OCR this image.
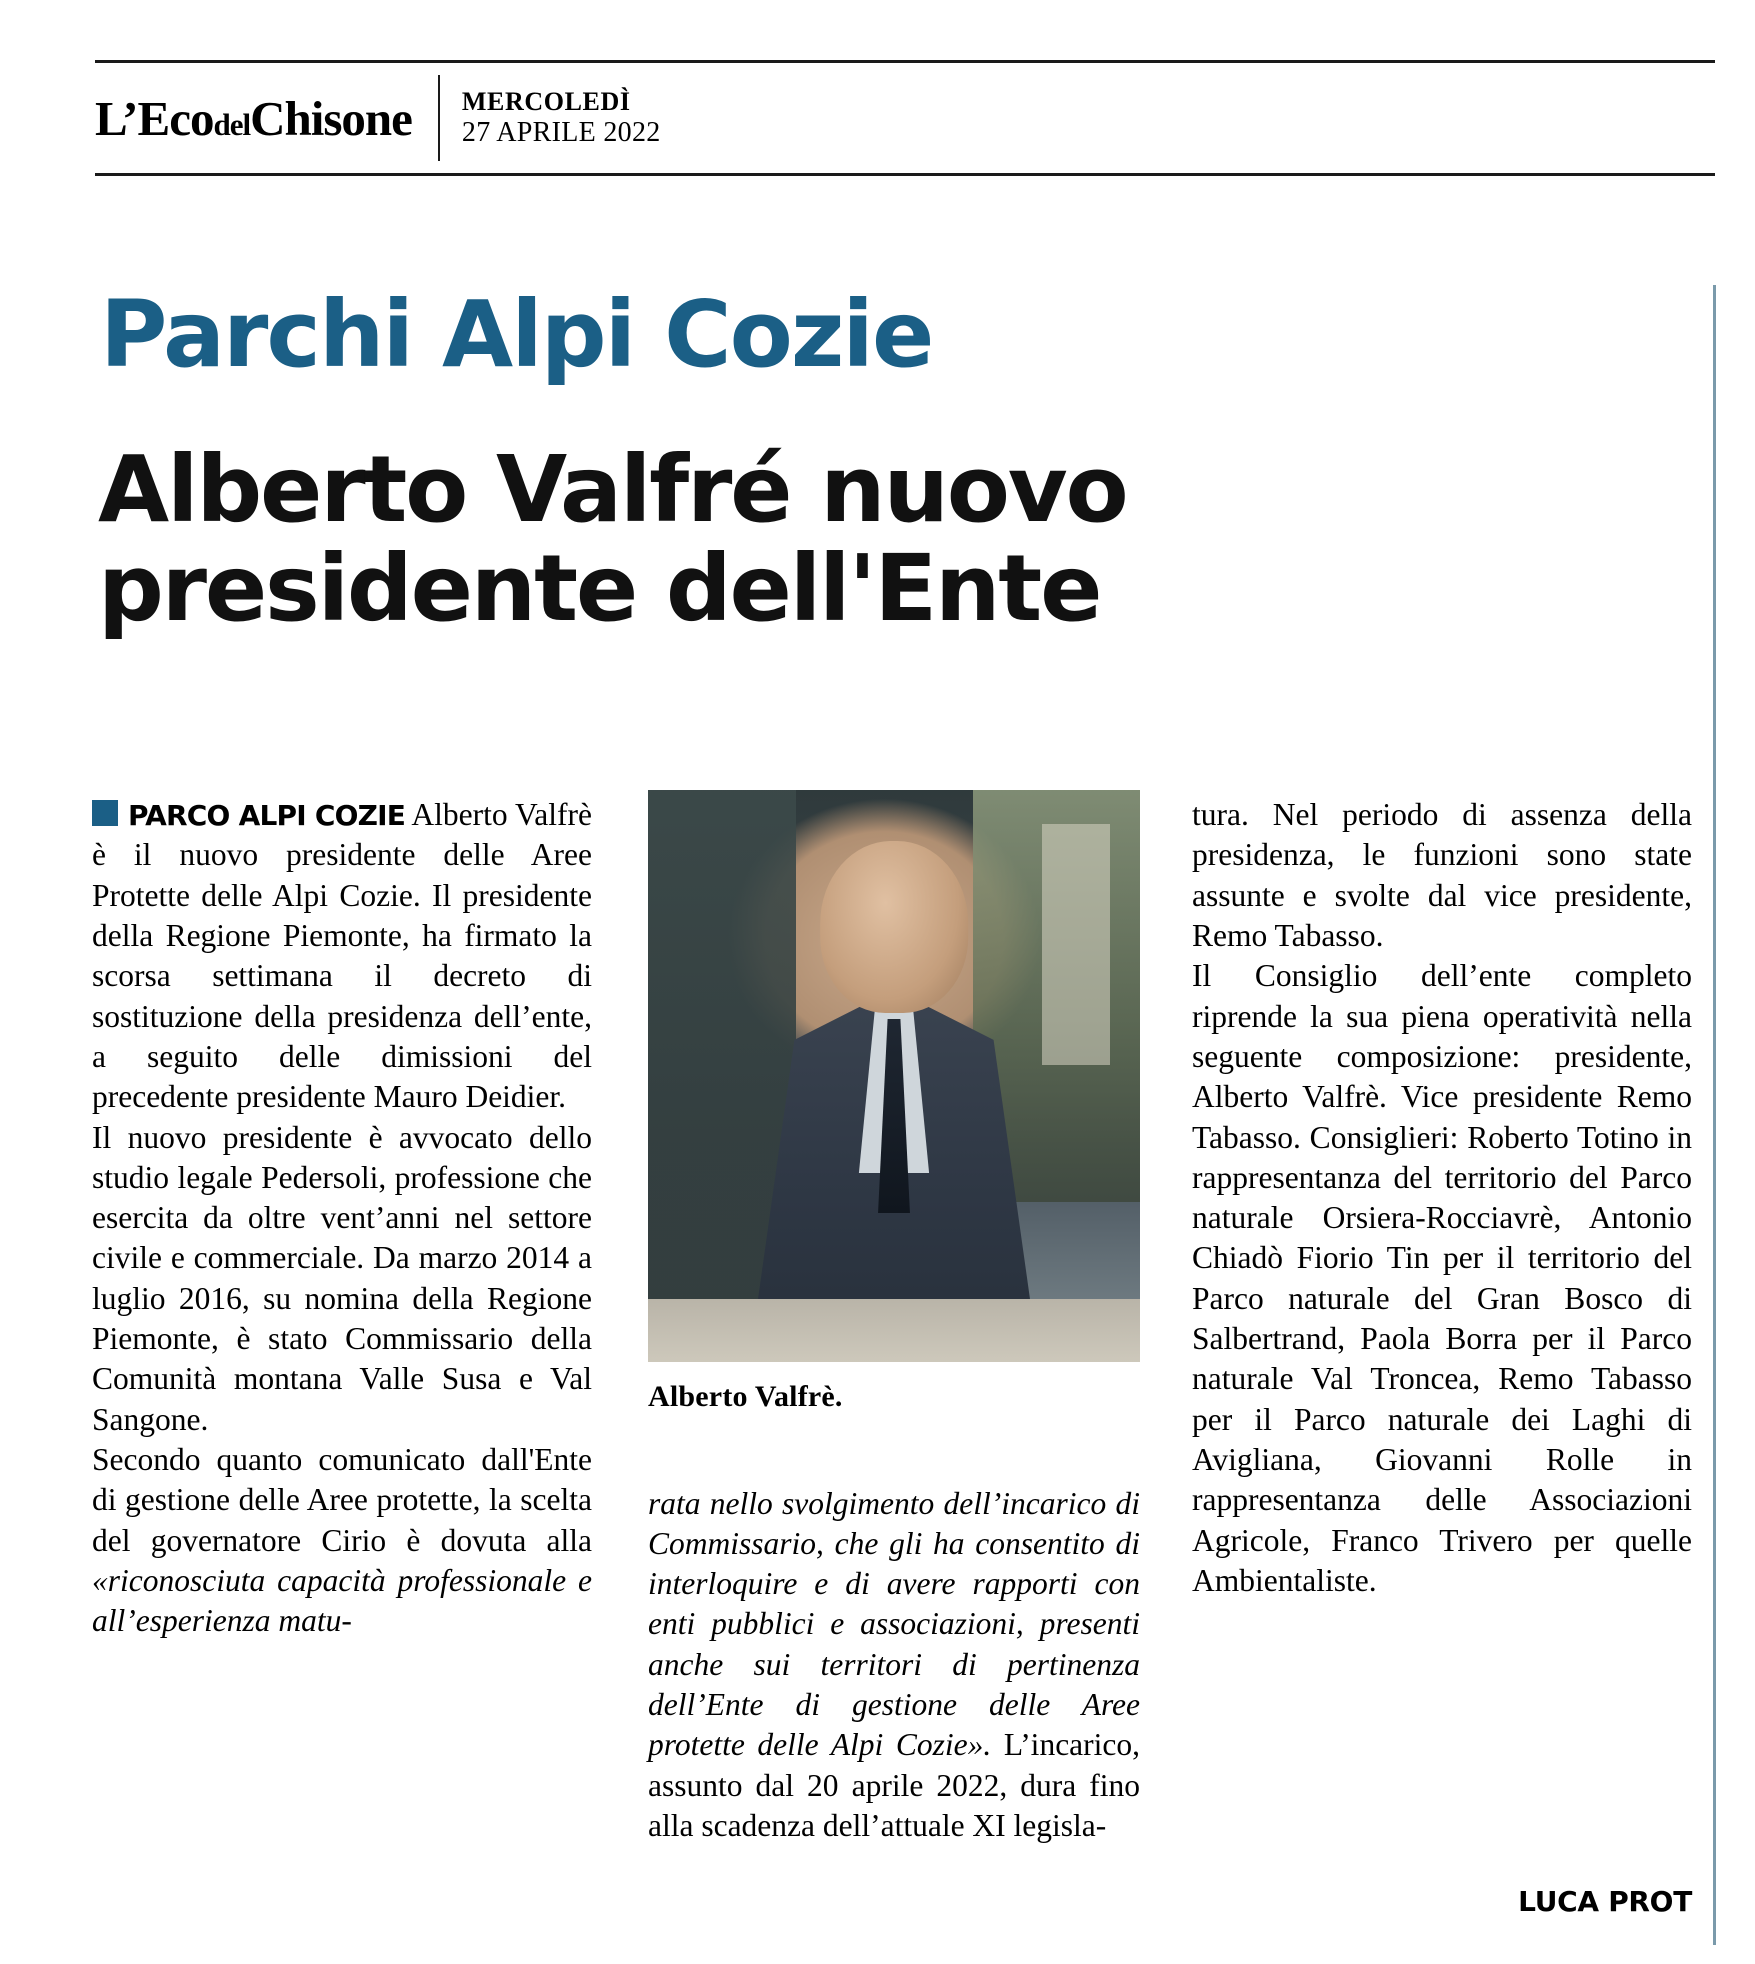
L’EcodelChisone	MERCOLEDÌ
27 APRILE 2022
Parchi Alpi Cozie
Alberto Valfré nuovo
presidente dell'Ente

PARCO ALPI COZIE Alberto Valfrè è il nuovo presidente delle Aree Protette delle Alpi Cozie. Il presidente della Regione Piemonte, ha firmato la scorsa settimana il decreto di sostituzione della presidenza dell’ente, a seguito delle dimissioni del precedente presidente Mauro Deidier.

Il nuovo presidente è avvocato dello studio legale Pedersoli, professione che esercita da oltre vent’anni nel settore civile e commerciale. Da marzo 2014 a luglio 2016, su nomina della Regione Piemonte, è stato Commissario della Comunità montana Valle Susa e Val Sangone.

Secondo quanto comunicato dall'Ente di gestione delle Aree protette, la scelta del governatore Cirio è dovuta alla «riconosciuta capacità professionale e all’esperienza matu-

Alberto Valfrè.

rata nello svolgimento dell’incarico di Commissario, che gli ha consentito di interloquire e di avere rapporti con enti pubblici e associazioni, presenti anche sui territori di pertinenza dell’Ente di gestione delle Aree protette delle Alpi Cozie». L’incarico, assunto dal 20 aprile 2022, dura fino alla scadenza dell’attuale XI legisla-

tura. Nel periodo di assenza della presidenza, le funzioni sono state assunte e svolte dal vice presidente, Remo Tabasso.

Il Consiglio dell’ente completo riprende la sua piena operatività nella seguente composizione: presidente, Alberto Valfrè. Vice presidente Remo Tabasso. Consiglieri: Roberto Totino in rappresentanza del territorio del Parco naturale Orsiera-Rocciavrè, Antonio Chiadò Fiorio Tin per il territorio del Parco naturale del Gran Bosco di Salbertrand, Paola Borra per il Parco naturale Val Troncea, Remo Tabasso per il Parco naturale dei Laghi di Avigliana, Giovanni Rolle in rappresentanza delle Associazioni Agricole, Franco Trivero per quelle Ambientaliste.

LUCA PROT
